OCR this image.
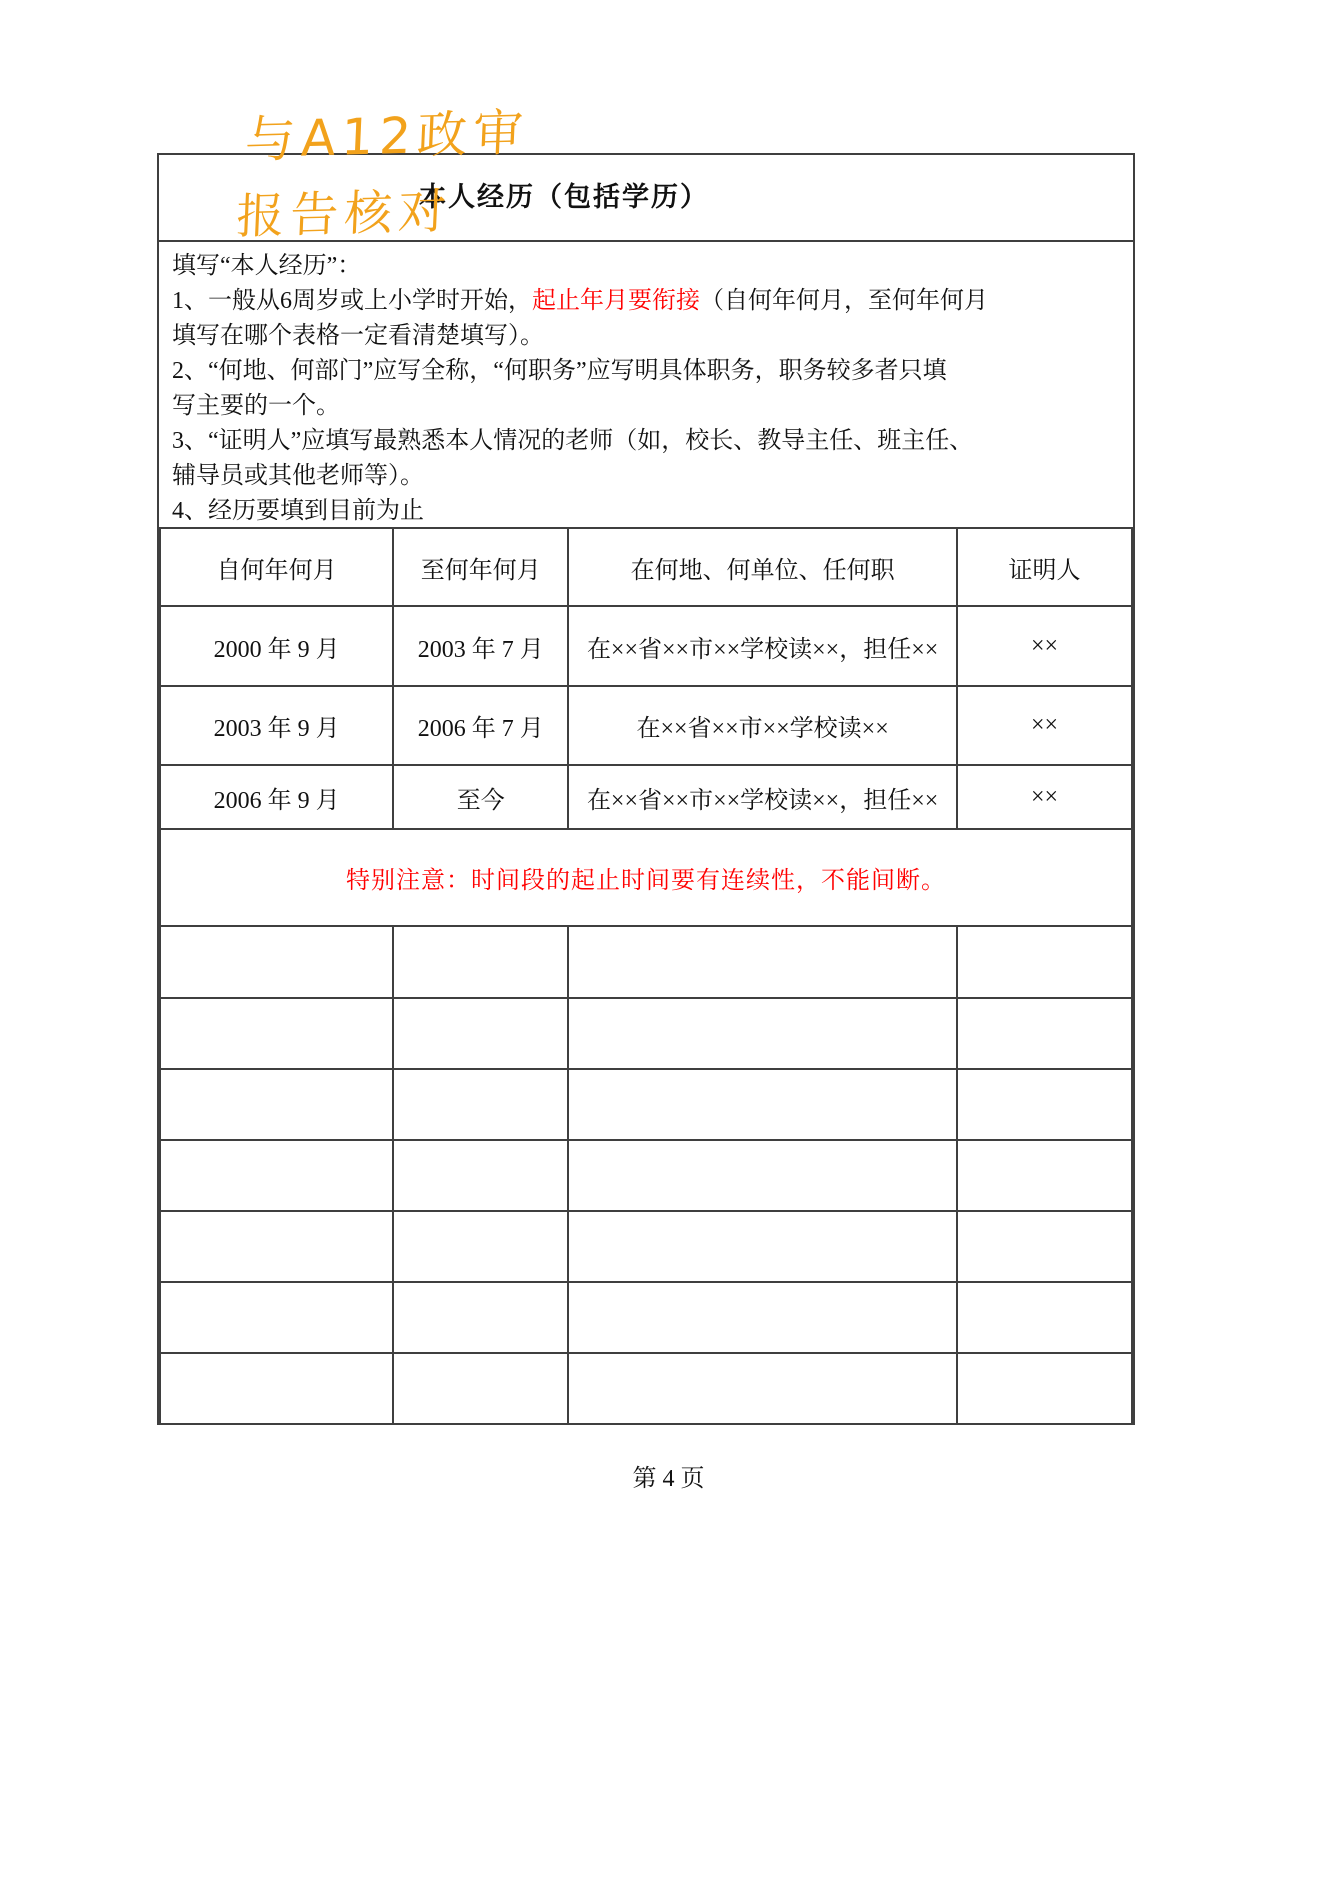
与A12政审
报告核对
本人经历（包括学历）
填写“本人经历”：
1、一般从6周岁或上小学时开始，起止年月要衔接（自何年何月，至何年何月
填写在哪个表格一定看清楚填写）。
2、“何地、何部门”应写全称，“何职务”应写明具体职务，职务较多者只填
写主要的一个。
3、“证明人”应填写最熟悉本人情况的老师（如，校长、教导主任、班主任、
辅导员或其他老师等）。
4、经历要填到目前为止
自何年何月	至何年何月	在何地、何单位、任何职	证明人
2000 年 9 月	2003 年 7 月	在××省××市××学校读××，担任××	××
2003 年 9 月	2006 年 7 月	在××省××市××学校读××	××
2006 年 9 月	至今	在××省××市××学校读××，担任××	××
特别注意：时间段的起止时间要有连续性，不能间断。			

第 4 页
